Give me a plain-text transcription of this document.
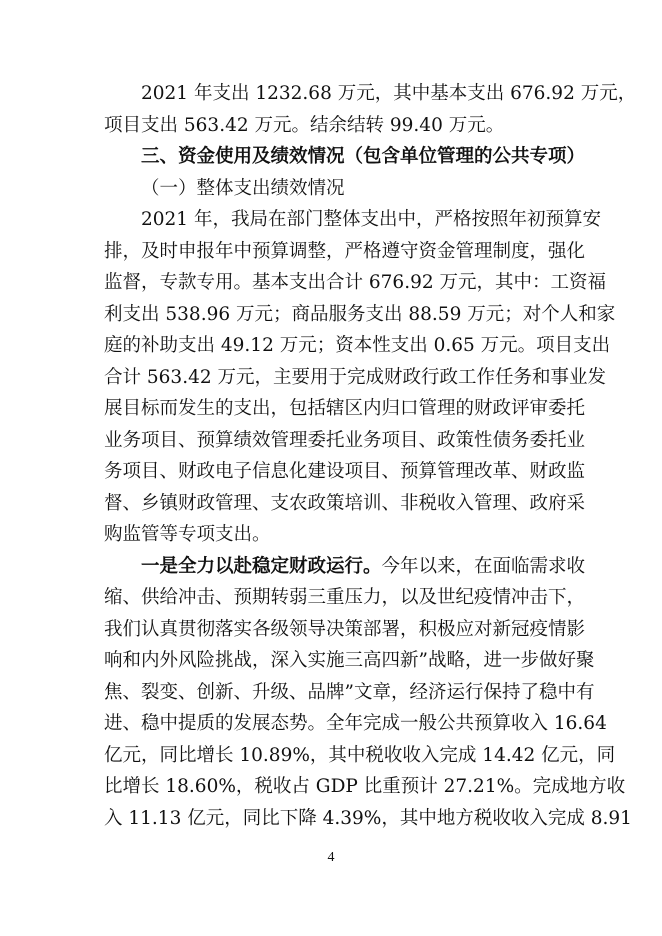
2021 年支出 1232.68 万元，其中基本支出 676.92 万元，
项目支出 563.42 万元。结余结转 99.40 万元。
三、资金使用及绩效情况（包含单位管理的公共专项）
（一）整体支出绩效情况
2021 年，我局在部门整体支出中，严格按照年初预算安
排，及时申报年中预算调整，严格遵守资金管理制度，强化
监督，专款专用。基本支出合计 676.92 万元，其中：工资福
利支出 538.96 万元；商品服务支出 88.59 万元；对个人和家
庭的补助支出 49.12 万元；资本性支出 0.65 万元。项目支出
合计 563.42 万元，主要用于完成财政行政工作任务和事业发
展目标而发生的支出，包括辖区内归口管理的财政评审委托
业务项目、预算绩效管理委托业务项目、政策性债务委托业
务项目、财政电子信息化建设项目、预算管理改革、财政监
督、乡镇财政管理、支农政策培训、非税收入管理、政府采
购监管等专项支出。
一是全力以赴稳定财政运行。今年以来，在面临需求收
缩、供给冲击、预期转弱三重压力，以及世纪疫情冲击下，
我们认真贯彻落实各级领导决策部署，积极应对新冠疫情影
响和内外风险挑战，深入实施三高四新”战略，进一步做好聚
焦、裂变、创新、升级、品牌”文章，经济运行保持了稳中有
进、稳中提质的发展态势。全年完成一般公共预算收入 16.64
亿元，同比增长 10.89%，其中税收收入完成 14.42 亿元，同
比增长 18.60%，税收占 GDP 比重预计 27.21%。完成地方收
入 11.13 亿元，同比下降 4.39%，其中地方税收收入完成 8.91
4
